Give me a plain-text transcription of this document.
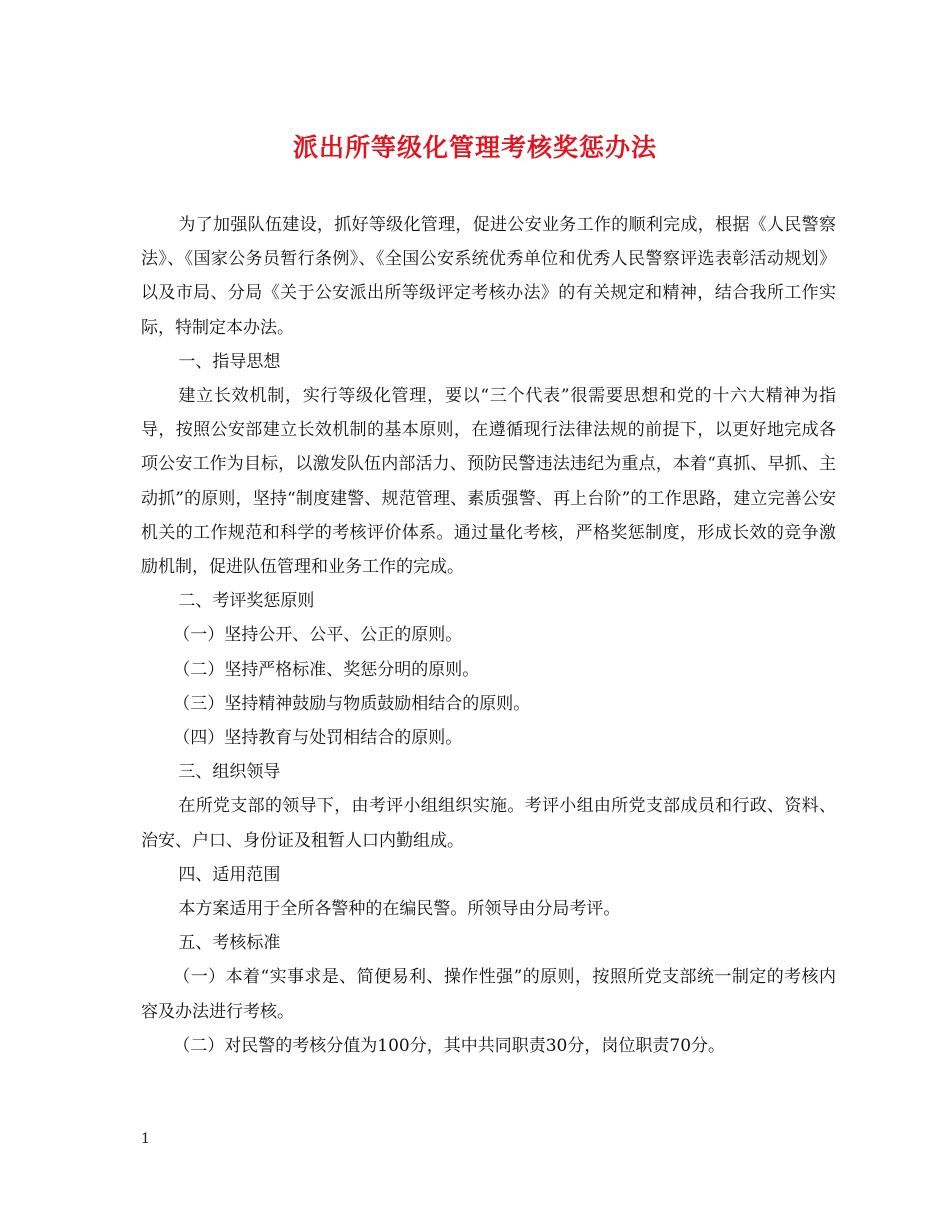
派出所等级化管理考核奖惩办法

为了加强队伍建设，抓好等级化管理，促进公安业务工作的顺利完成，根据《人民警察法》、《国家公务员暂行条例》、《全国公安系统优秀单位和优秀人民警察评选表彰活动规划》以及市局、分局《关于公安派出所等级评定考核办法》的有关规定和精神，结合我所工作实际，特制定本办法。

一、指导思想

建立长效机制，实行等级化管理，要以“三个代表”很需要思想和党的十六大精神为指导，按照公安部建立长效机制的基本原则，在遵循现行法律法规的前提下，以更好地完成各项公安工作为目标，以激发队伍内部活力、预防民警违法违纪为重点，本着“真抓、早抓、主动抓”的原则，坚持“制度建警、规范管理、素质强警、再上台阶”的工作思路，建立完善公安机关的工作规范和科学的考核评价体系。通过量化考核，严格奖惩制度，形成长效的竞争激励机制，促进队伍管理和业务工作的完成。

二、考评奖惩原则

（一）坚持公开、公平、公正的原则。

（二）坚持严格标准、奖惩分明的原则。

（三）坚持精神鼓励与物质鼓励相结合的原则。

（四）坚持教育与处罚相结合的原则。

三、组织领导

在所党支部的领导下，由考评小组组织实施。考评小组由所党支部成员和行政、资料、治安、户口、身份证及租暂人口内勤组成。

四、适用范围

本方案适用于全所各警种的在编民警。所领导由分局考评。

五、考核标准

（一）本着“实事求是、简便易利、操作性强”的原则，按照所党支部统一制定的考核内容及办法进行考核。

（二）对民警的考核分值为100分，其中共同职责30分，岗位职责70分。

1
